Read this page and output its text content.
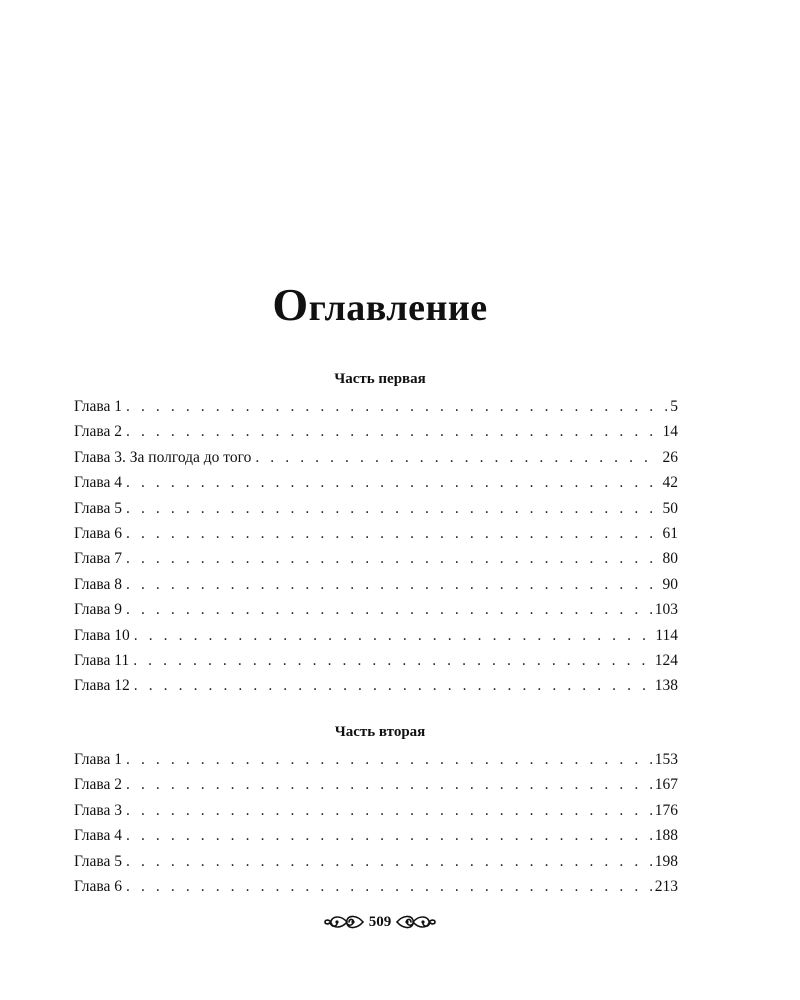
Оглавление
Часть первая
Глава 1 . . .	5
Глава 2 . . .	14
Глава 3. За полгода до того . . .	26
Глава 4 . . .	42
Глава 5 . . .	50
Глава 6 . . .	61
Глава 7 . . .	80
Глава 8 . . .	90
Глава 9 . . .	103
Глава 10 . . .	114
Глава 11 . . .	124
Глава 12 . . .	138
Часть вторая
Глава 1 . . .	153
Глава 2 . . .	167
Глава 3 . . .	176
Глава 4 . . .	188
Глава 5 . . .	198
Глава 6 . . .	213
509
